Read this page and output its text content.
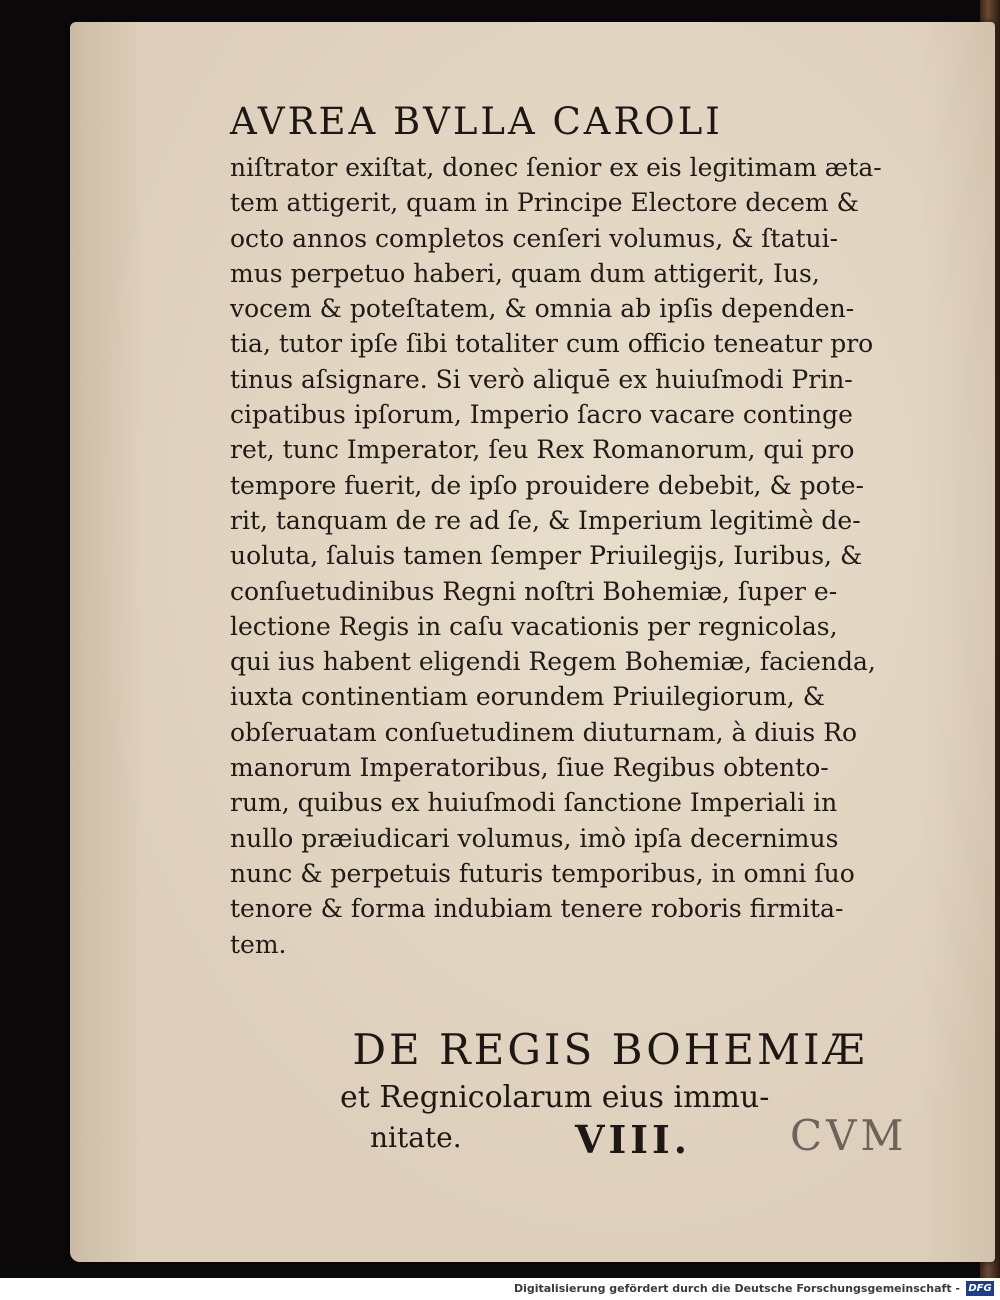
AVREA BVLLA CAROLI
niſtrator exiſtat, donec ſenior ex eis legitimam æta-
tem attigerit, quam in Principe Electore decem &
octo annos completos cenſeri volumus, & ſtatui-
mus perpetuo haberi, quam dum attigerit, Ius,
vocem & poteſtatem, & omnia ab ipſis dependen-
tia, tutor ipſe ſibi totaliter cum officio teneatur pro
tinus aſsignare. Si verò aliquē ex huiuſmodi Prin-
cipatibus ipſorum, Imperio ſacro vacare continge
ret, tunc Imperator, ſeu Rex Romanorum, qui pro
tempore fuerit, de ipſo prouidere debebit, & pote-
rit, tanquam de re ad ſe, & Imperium legitimè de-
uoluta, ſaluis tamen ſemper Priuilegijs, Iuribus, &
conſuetudinibus Regni noſtri Bohemiæ, ſuper e-
lectione Regis in caſu vacationis per regnicolas,
qui ius habent eligendi Regem Bohemiæ, facienda,
iuxta continentiam eorundem Priuilegiorum, &
obſeruatam conſuetudinem diuturnam, à diuis Ro
manorum Imperatoribus, ſiue Regibus obtento-
rum, quibus ex huiuſmodi ſanctione Imperiali in
nullo præiudicari volumus, imò ipſa decernimus
nunc & perpetuis futuris temporibus, in omni ſuo
tenore & forma indubiam tenere roboris firmita-
tem.
DE REGIS BOHEMIÆ
et Regnicolarum eius immu-
nitate.	VIII. CVM
Digitalisierung gefördert durch die Deutsche Forschungsgemeinschaft - DFG
